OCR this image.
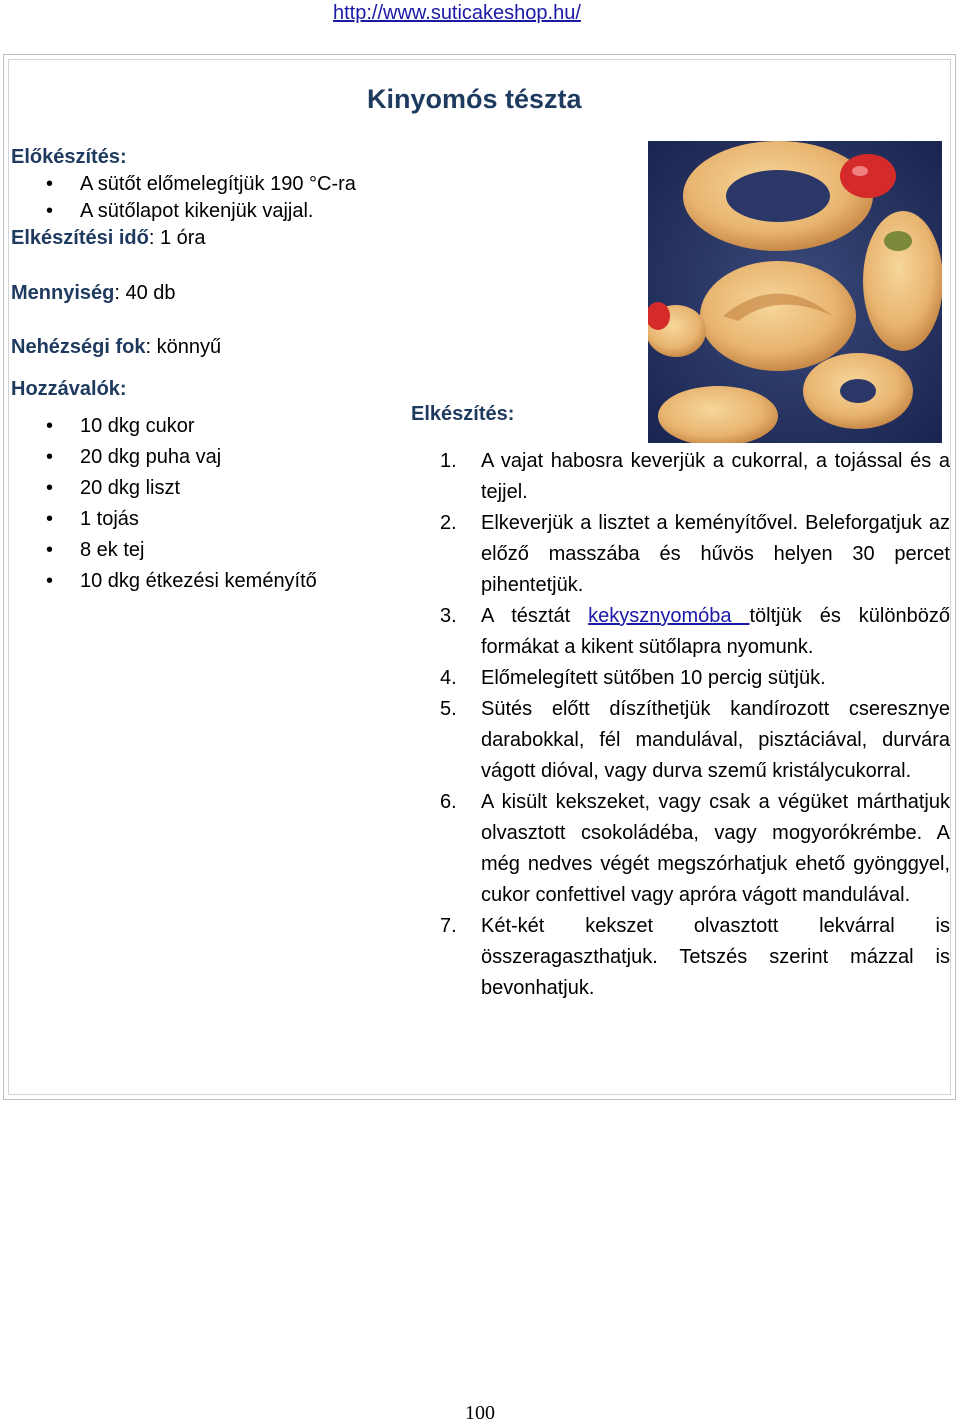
http://www.suticakeshop.hu/
Kinyomós tészta
Előkészítés:
• A sütőt előmelegítjük 190 °C-ra
• A sütőlapot kikenjük vajjal.
Elkészítési idő: 1 óra
Mennyiség: 40 db
Nehézségi fok: könnyű
Hozzávalók:
• 10 dkg cukor
• 20 dkg puha vaj
• 20 dkg liszt
• 1 tojás
• 8 ek tej
• 10 dkg étkezési keményítő
Elkészítés:
1. A vajat habosra keverjük a cukorral, a tojással és a tejjel.
2. Elkeverjük a lisztet a keményítővel. Beleforgatjuk az előző masszába és hűvös helyen 30 percet pihentetjük.
3. A tésztát kekysznyomóba töltjük és különböző formákat a kikent sütőlapra nyomunk.
4. Előmelegített sütőben 10 percig sütjük.
5. Sütés előtt díszíthetjük kandírozott cseresznye darabokkal, fél mandulával, pisztáciával, durvára vágott dióval, vagy durva szemű kristálycukorral.
6. A kisült kekszeket, vagy csak a végüket márthatjuk olvasztott csokoládéba, vagy mogyorókrémbe. A még nedves végét megszórhatjuk ehető gyönggyel, cukor confettivel vagy apróra vágott mandulával.
7. Két-két kekszet olvasztott lekvárral is összeragaszthatjuk. Tetszés szerint mázzal is bevonhatjuk.
100
